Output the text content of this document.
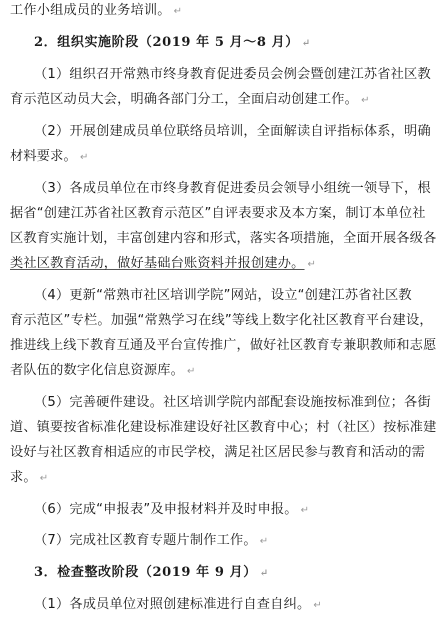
工作小组成员的业务培训。 ↵
2．组织实施阶段（2019 年 5 月～8 月） ↵
（1）组织召开常熟市终身教育促进委员会例会暨创建江苏省社区教
育示范区动员大会，明确各部门分工，全面启动创建工作。 ↵
（2）开展创建成员单位联络员培训，全面解读自评指标体系，明确
材料要求。 ↵
（3）各成员单位在市终身教育促进委员会领导小组统一领导下，根
据省“创建江苏省社区教育示范区”自评表要求及本方案，制订本单位社
区教育实施计划，丰富创建内容和形式，落实各项措施，全面开展各级各
类社区教育活动，做好基础台账资料并报创建办。 ↵
（4）更新“常熟市社区培训学院”网站，设立“创建江苏省社区教
育示范区”专栏。加强“常熟学习在线”等线上数字化社区教育平台建设，
推进线上线下教育互通及平台宣传推广，做好社区教育专兼职教师和志愿
者队伍的数字化信息资源库。 ↵
（5）完善硬件建设。社区培训学院内部配套设施按标准到位；各街
道、镇要按省标准化建设标准建设好社区教育中心；村（社区）按标准建
设好与社区教育相适应的市民学校，满足社区居民参与教育和活动的需
求。 ↵
（6）完成“申报表”及申报材料并及时申报。 ↵
（7）完成社区教育专题片制作工作。 ↵
3．检查整改阶段（2019 年 9 月） ↵
（1）各成员单位对照创建标准进行自查自纠。 ↵
